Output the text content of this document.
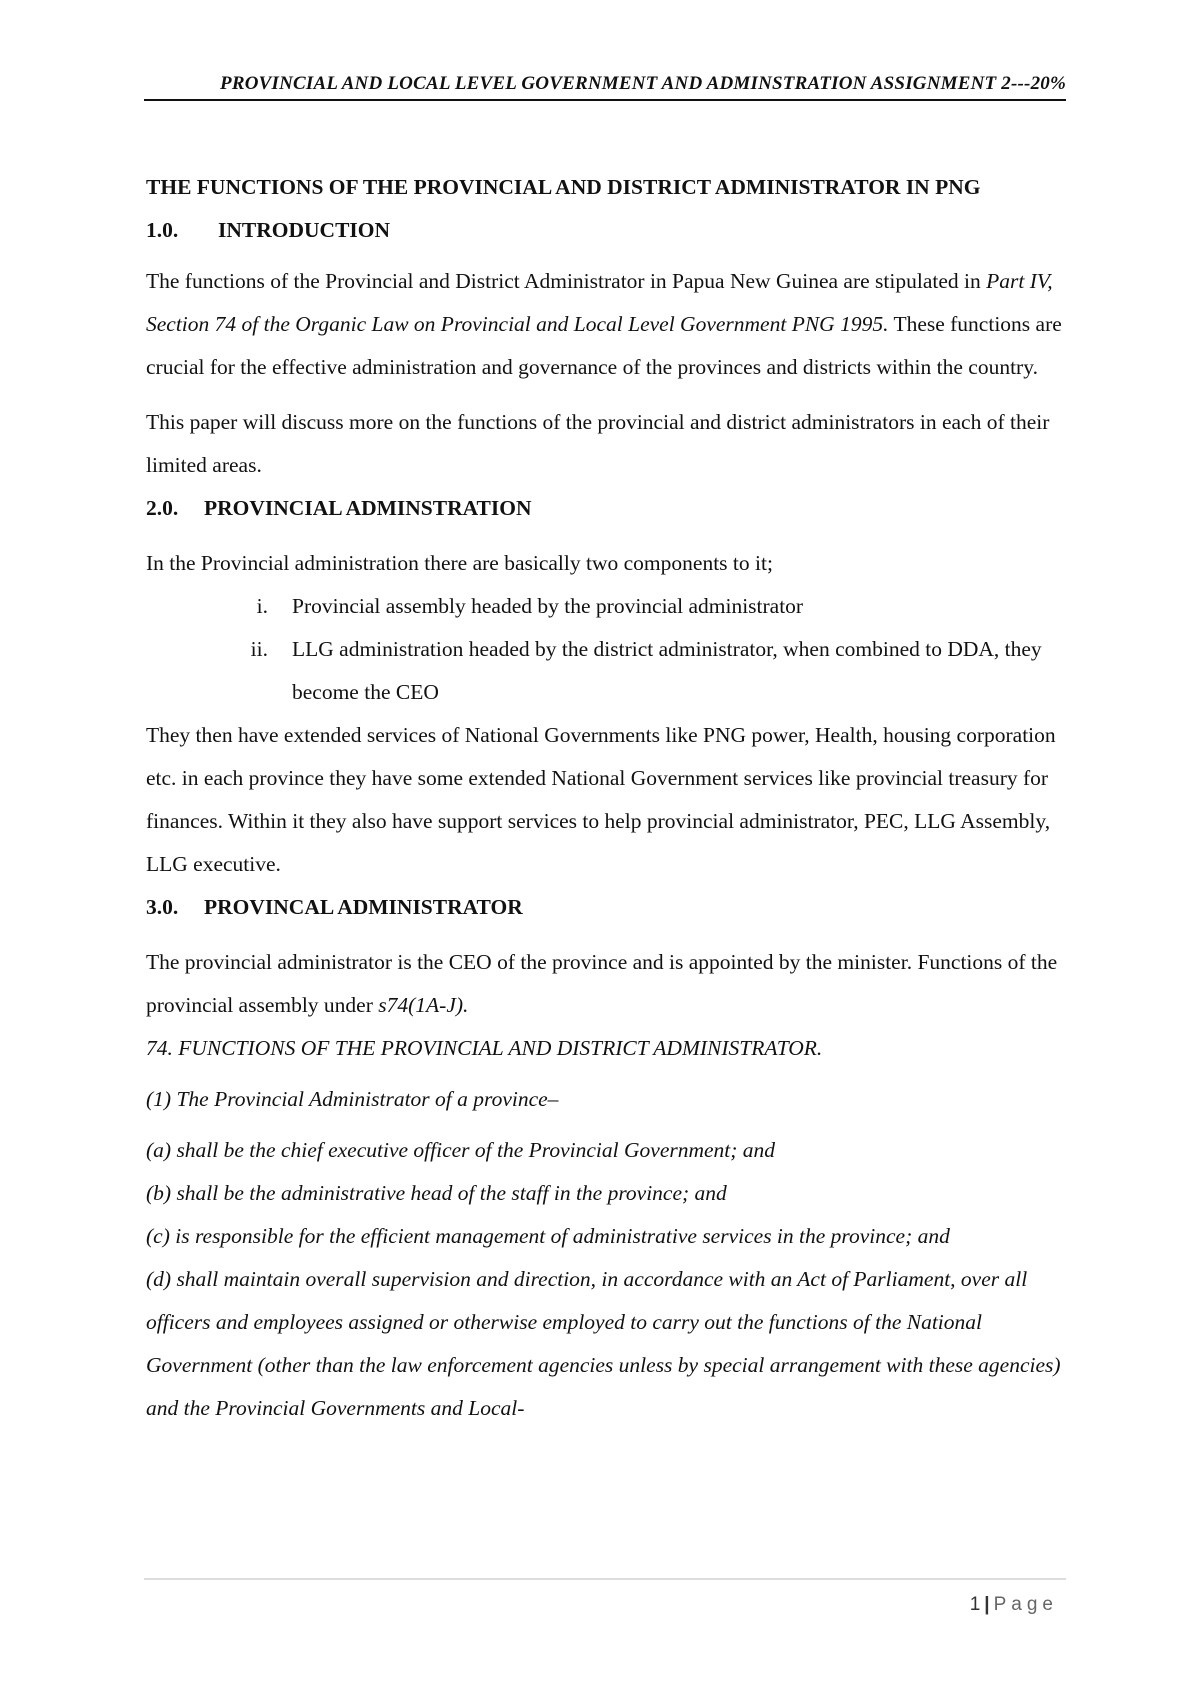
PROVINCIAL AND LOCAL LEVEL GOVERNMENT AND ADMINSTRATION ASSIGNMENT 2---20%

THE FUNCTIONS OF THE PROVINCIAL AND DISTRICT ADMINISTRATOR IN PNG

1.0. INTRODUCTION

The functions of the Provincial and District Administrator in Papua New Guinea are stipulated in Part IV, Section 74 of the Organic Law on Provincial and Local Level Government PNG 1995. These functions are crucial for the effective administration and governance of the provinces and districts within the country.

This paper will discuss more on the functions of the provincial and district administrators in each of their limited areas.

2.0. PROVINCIAL ADMINSTRATION

In the Provincial administration there are basically two components to it;

i. Provincial assembly headed by the provincial administrator
ii. LLG administration headed by the district administrator, when combined to DDA, they become the CEO

They then have extended services of National Governments like PNG power, Health, housing corporation etc. in each province they have some extended National Government services like provincial treasury for finances. Within it they also have support services to help provincial administrator, PEC, LLG Assembly, LLG executive.

3.0. PROVINCAL ADMINISTRATOR

The provincial administrator is the CEO of the province and is appointed by the minister. Functions of the provincial assembly under s74(1A-J).

74. FUNCTIONS OF THE PROVINCIAL AND DISTRICT ADMINISTRATOR.

(1) The Provincial Administrator of a province–

(a) shall be the chief executive officer of the Provincial Government; and

(b) shall be the administrative head of the staff in the province; and

(c) is responsible for the efficient management of administrative services in the province; and

(d) shall maintain overall supervision and direction, in accordance with an Act of Parliament, over all officers and employees assigned or otherwise employed to carry out the functions of the National Government (other than the law enforcement agencies unless by special arrangement with these agencies) and the Provincial Governments and Local-

1 | Page
